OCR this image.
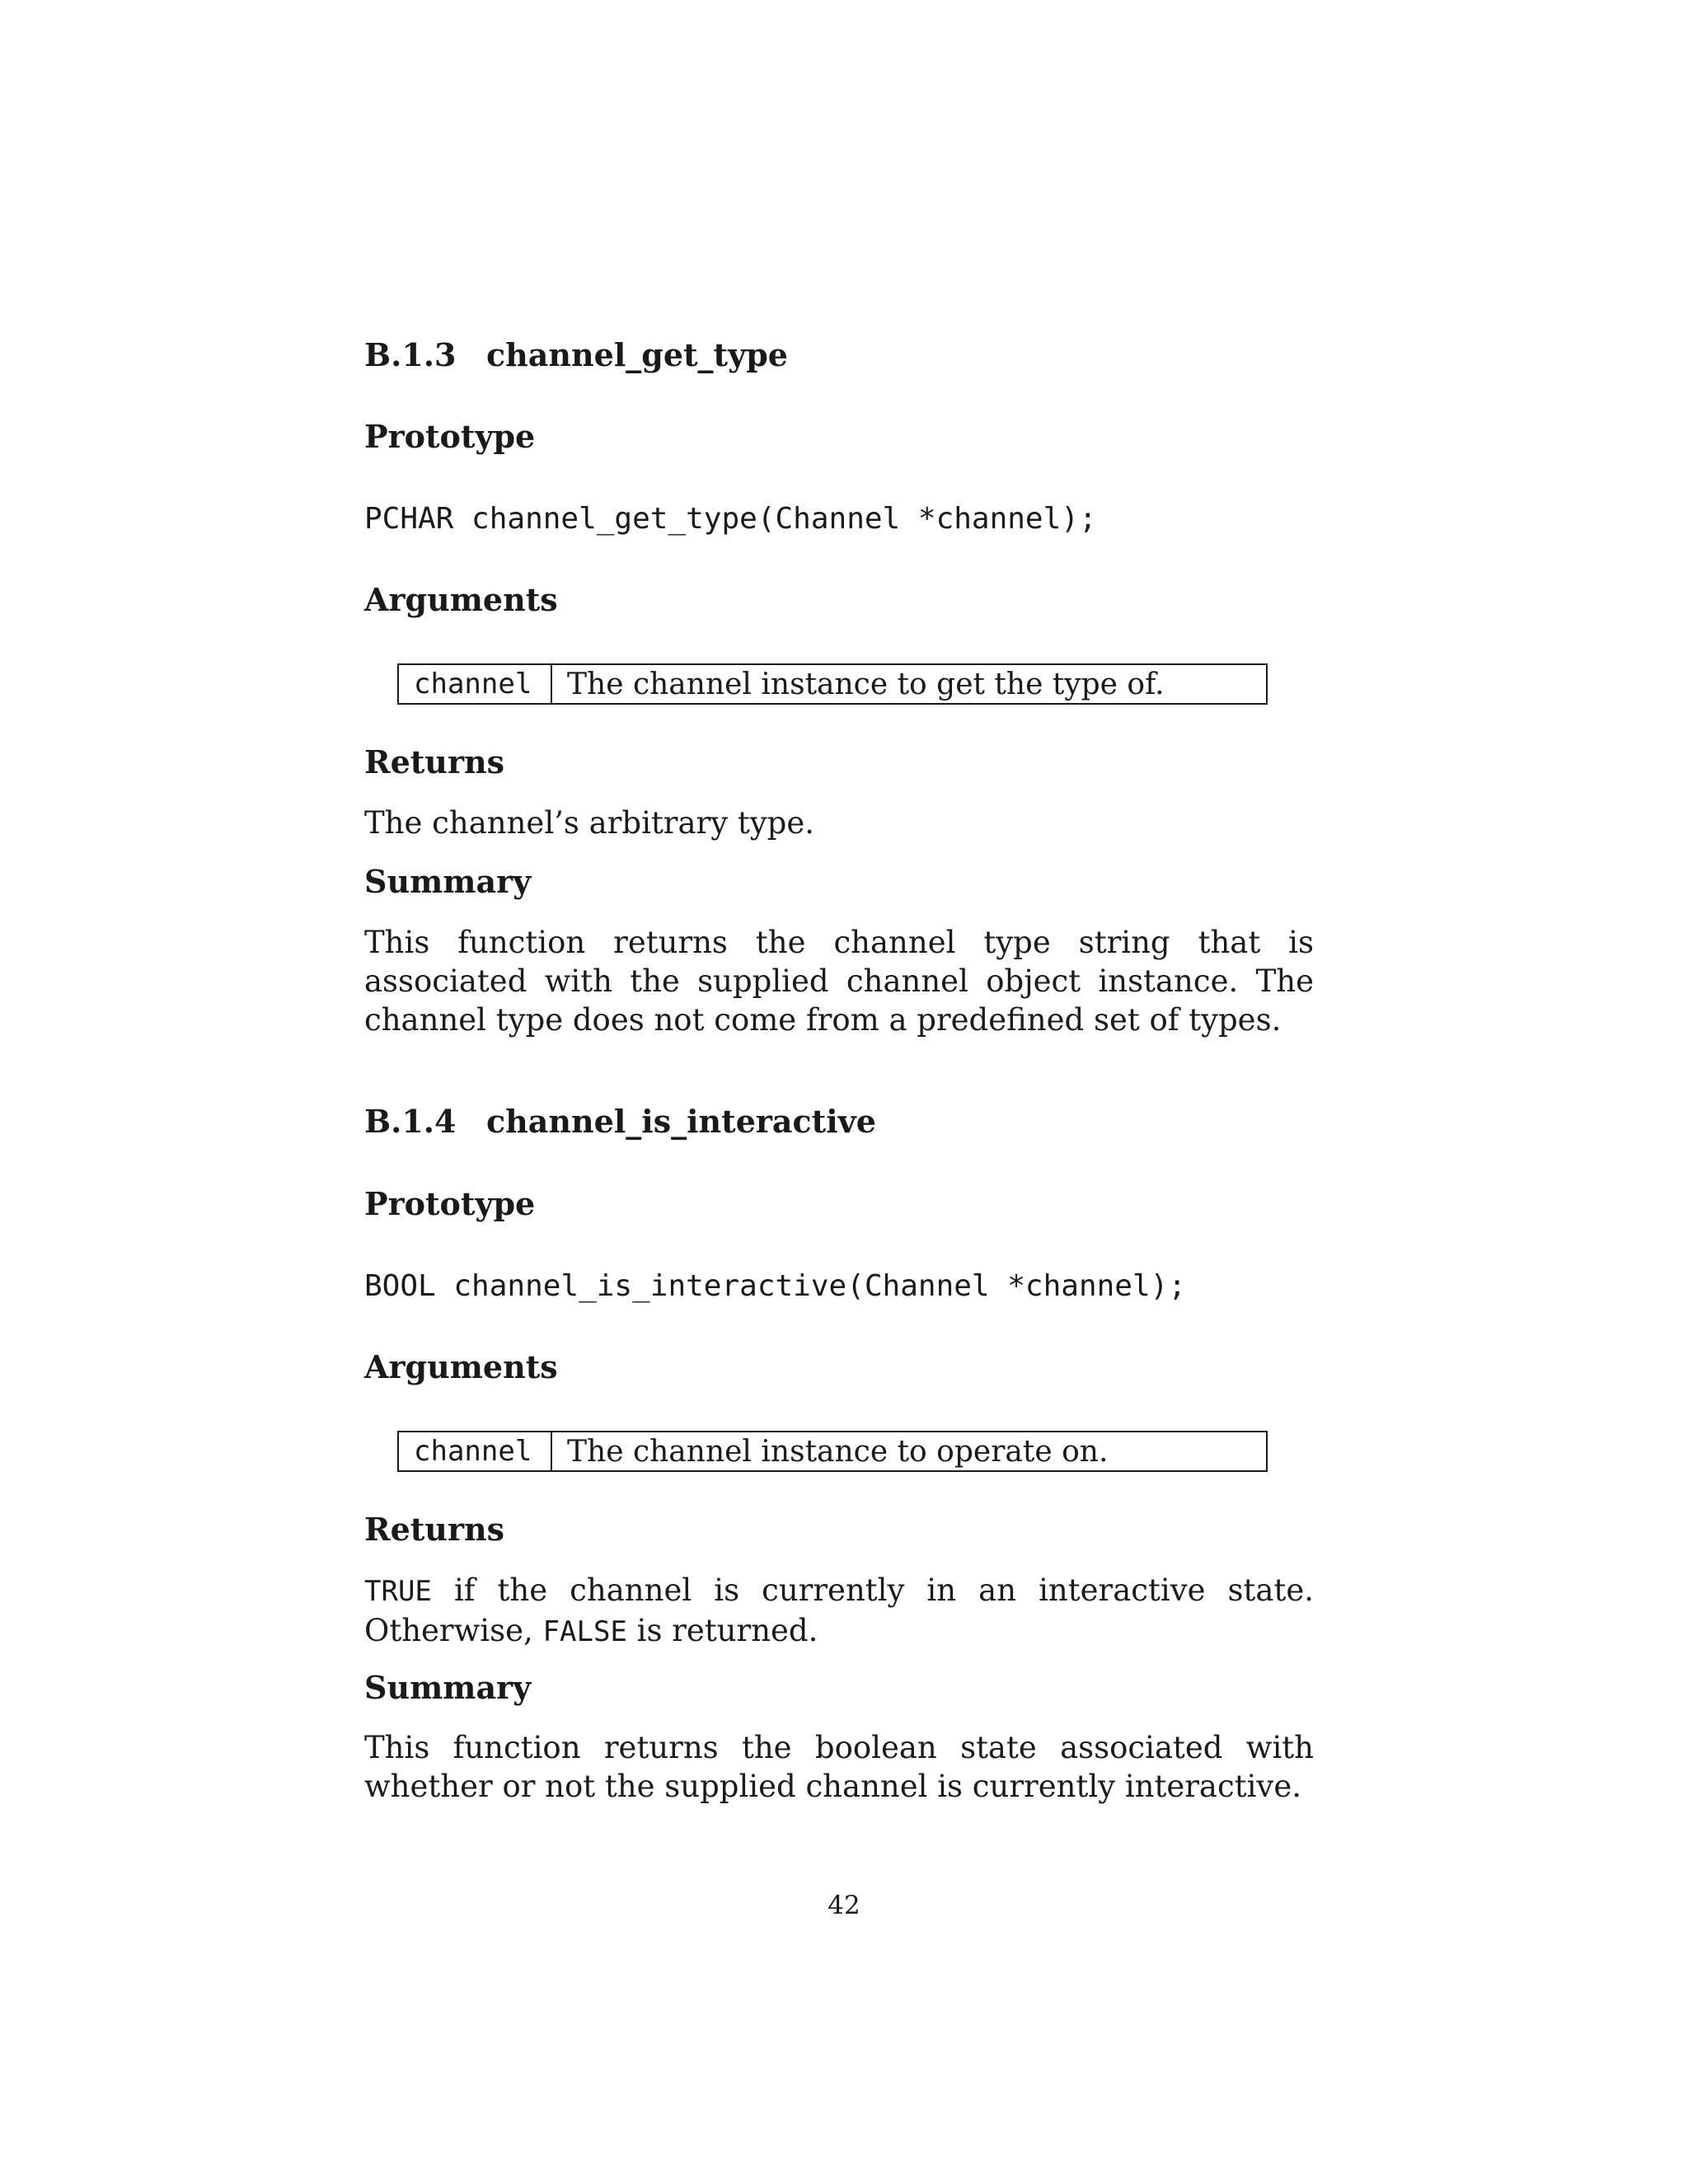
B.1.3 channel_get_type
Prototype
PCHAR channel_get_type(Channel *channel);
Arguments
channel	The channel instance to get the type of.
Returns
The channel’s arbitrary type.
Summary

This function returns the channel type string that is associated with the supplied channel object instance. The channel type does not come from a predefined set of types.

B.1.4 channel_is_interactive
Prototype
BOOL channel_is_interactive(Channel *channel);
Arguments
channel	The channel instance to operate on.
Returns

TRUE if the channel is currently in an interactive state. Otherwise, FALSE is returned.

Summary

This function returns the boolean state associated with whether or not the supplied channel is currently interactive.

42
